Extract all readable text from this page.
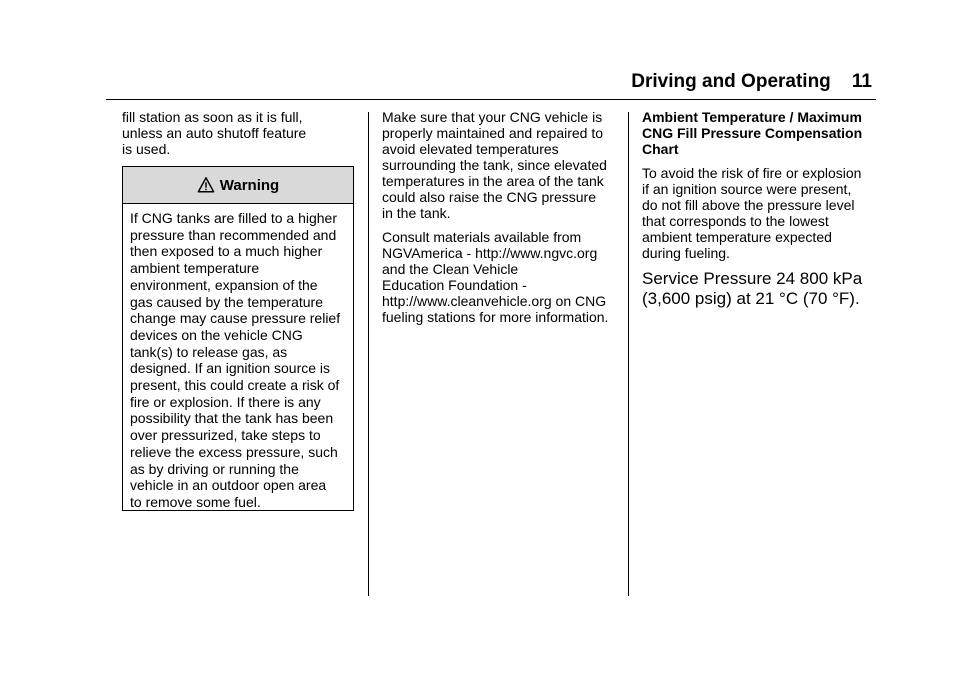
Driving and Operating    11

fill station as soon as it is full,
unless an auto shutoff feature
is used.

Warning
If CNG tanks are filled to a higher
pressure than recommended and
then exposed to a much higher
ambient temperature
environment, expansion of the
gas caused by the temperature
change may cause pressure relief
devices on the vehicle CNG
tank(s) to release gas, as
designed. If an ignition source is
present, this could create a risk of
fire or explosion. If there is any
possibility that the tank has been
over pressurized, take steps to
relieve the excess pressure, such
as by driving or running the
vehicle in an outdoor open area
to remove some fuel.

Make sure that your CNG vehicle is
properly maintained and repaired to
avoid elevated temperatures
surrounding the tank, since elevated
temperatures in the area of the tank
could also raise the CNG pressure
in the tank.

Consult materials available from
NGVAmerica - http://www.ngvc.org
and the Clean Vehicle
Education Foundation -
http://www.cleanvehicle.org on CNG
fueling stations for more information.

Ambient Temperature / Maximum
CNG Fill Pressure Compensation
Chart

To avoid the risk of fire or explosion
if an ignition source were present,
do not fill above the pressure level
that corresponds to the lowest
ambient temperature expected
during fueling.

Service Pressure 24 800 kPa
(3,600 psig) at 21 °C (70 °F).
